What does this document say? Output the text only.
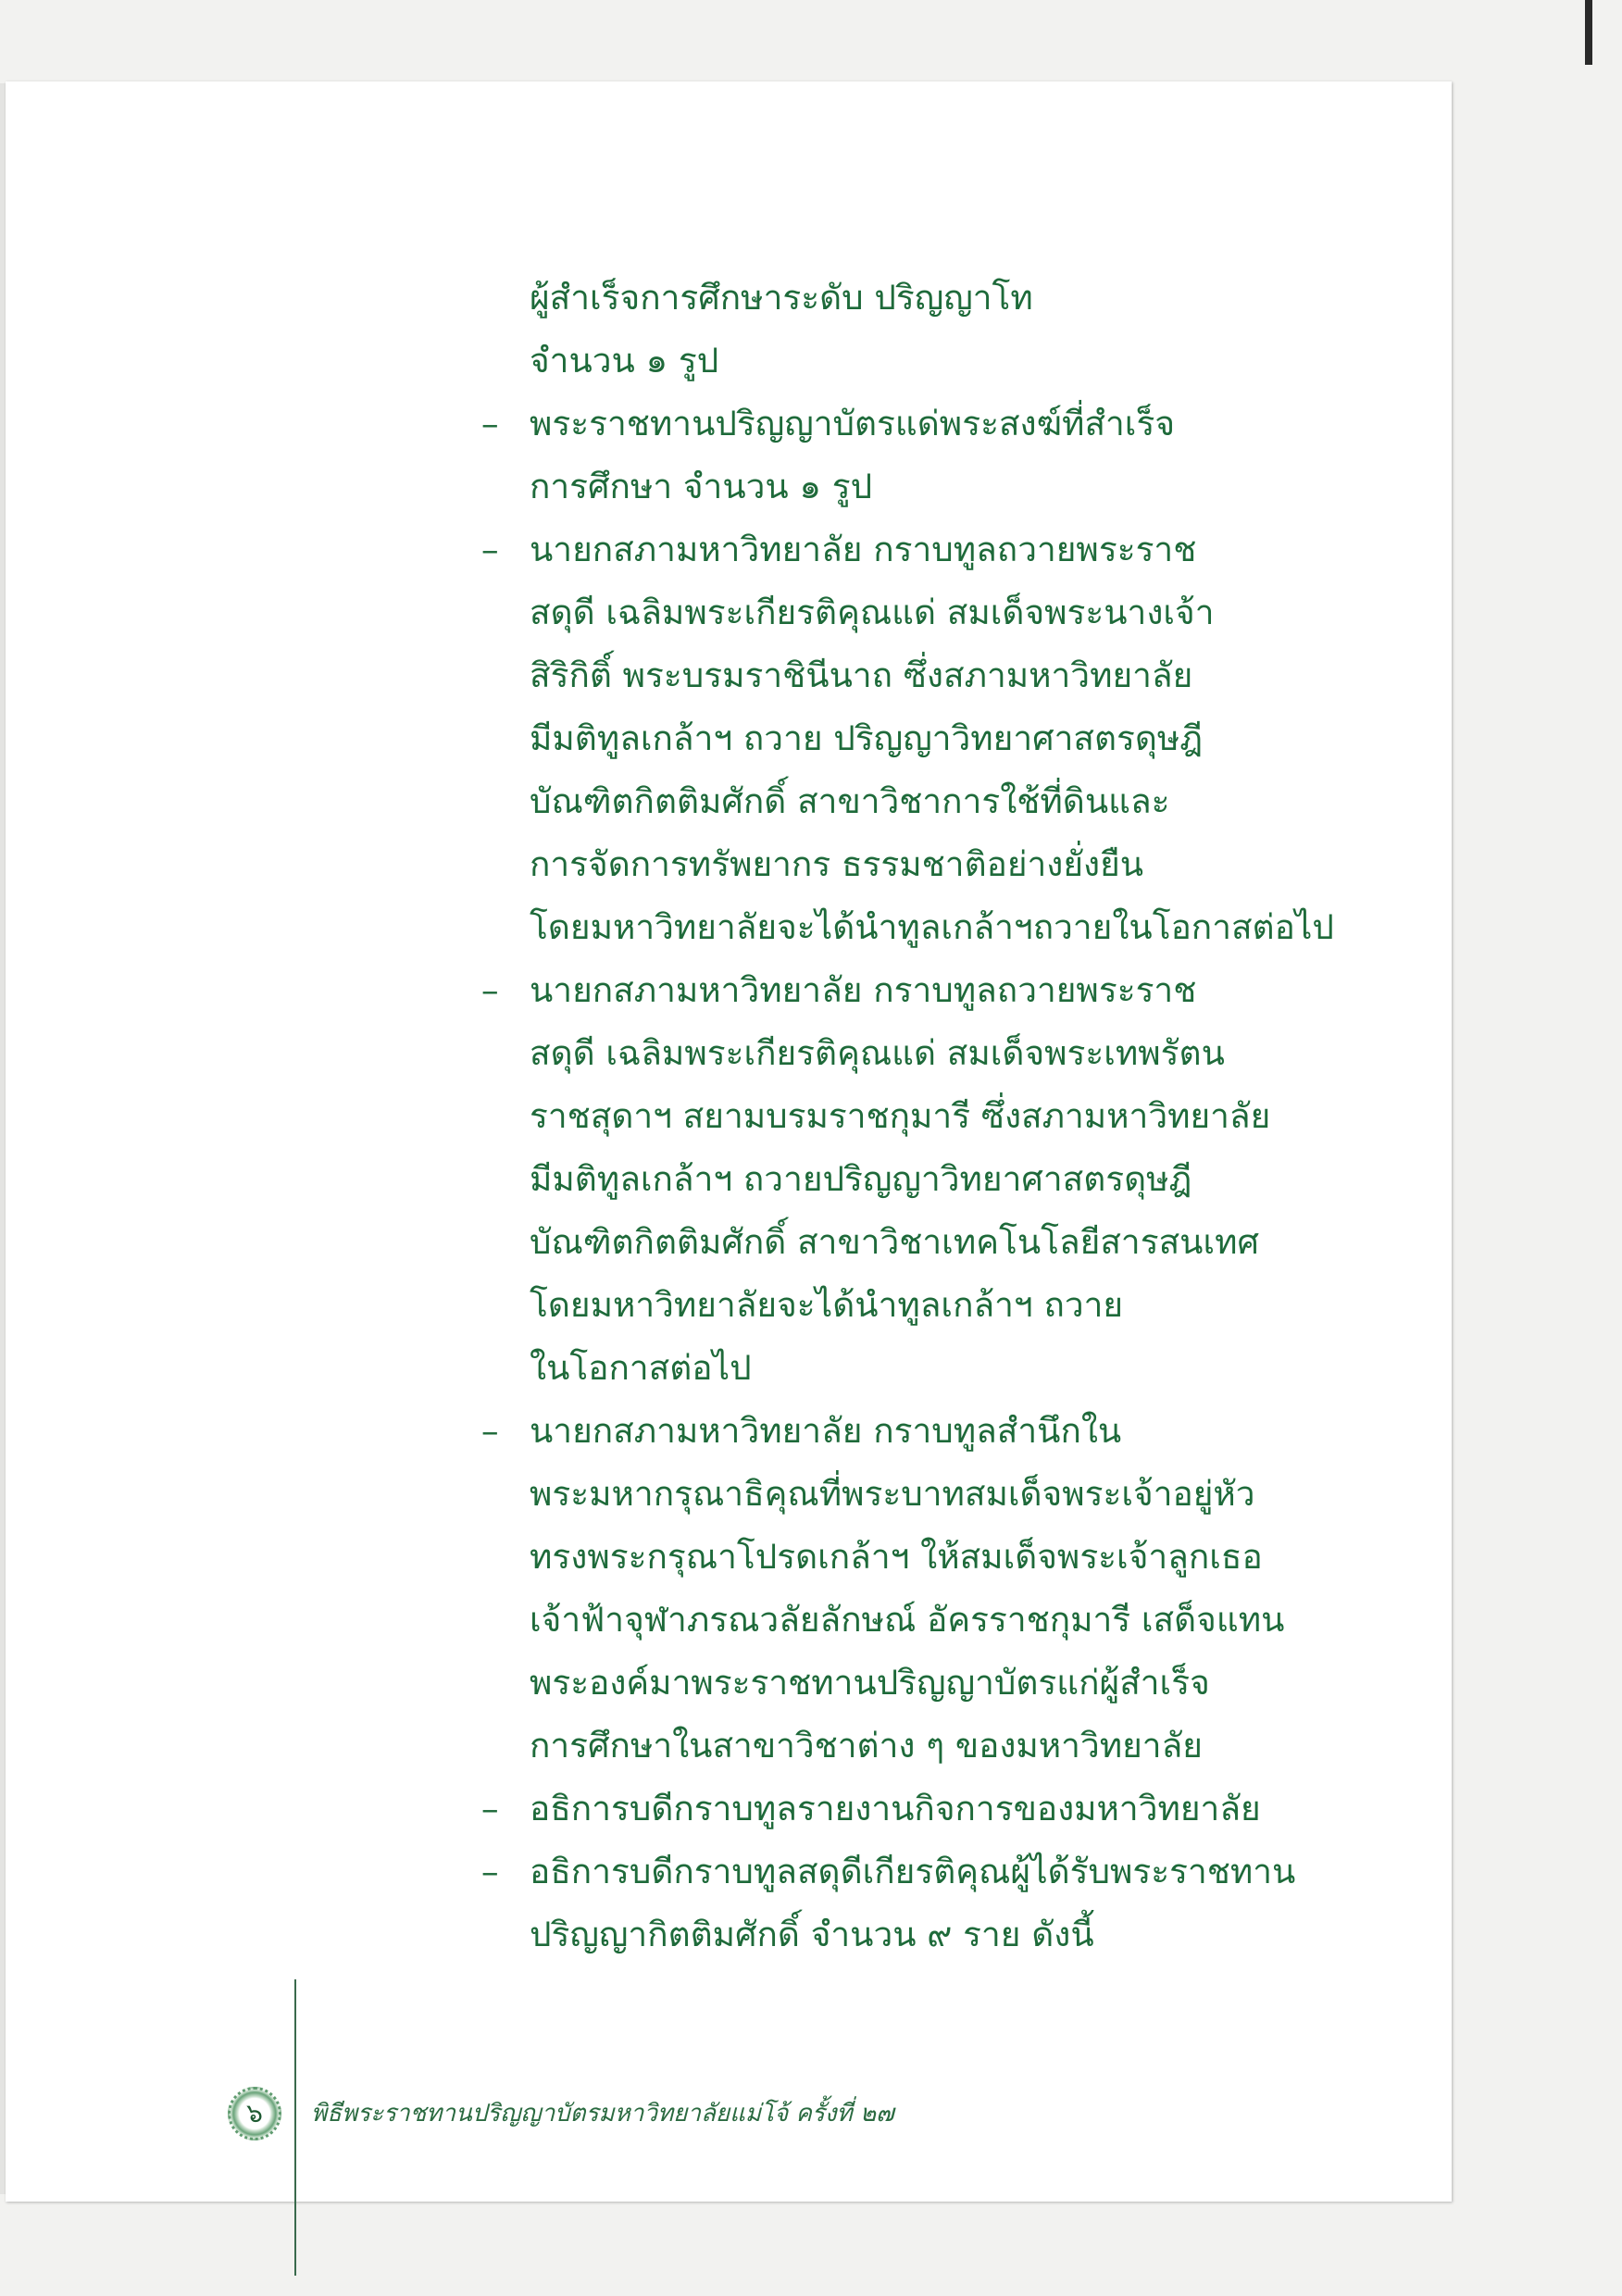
ผู้สำเร็จการศึกษาระดับ ปริญญาโท
จำนวน ๑ รูป
– พระราชทานปริญญาบัตรแด่พระสงฆ์ที่สำเร็จ
การศึกษา จำนวน ๑ รูป
– นายกสภามหาวิทยาลัย กราบทูลถวายพระราช
สดุดี เฉลิมพระเกียรติคุณแด่ สมเด็จพระนางเจ้า
สิริกิติ์ พระบรมราชินีนาถ ซึ่งสภามหาวิทยาลัย
มีมติทูลเกล้าฯ ถวาย ปริญญาวิทยาศาสตรดุษฎี
บัณฑิตกิตติมศักดิ์ สาขาวิชาการใช้ที่ดินและ
การจัดการทรัพยากร ธรรมชาติอย่างยั่งยืน
โดยมหาวิทยาลัยจะได้นำทูลเกล้าฯถวายในโอกาสต่อไป
– นายกสภามหาวิทยาลัย กราบทูลถวายพระราช
สดุดี เฉลิมพระเกียรติคุณแด่ สมเด็จพระเทพรัตน
ราชสุดาฯ สยามบรมราชกุมารี ซึ่งสภามหาวิทยาลัย
มีมติทูลเกล้าฯ ถวายปริญญาวิทยาศาสตรดุษฎี
บัณฑิตกิตติมศักดิ์ สาขาวิชาเทคโนโลยีสารสนเทศ
โดยมหาวิทยาลัยจะได้นำทูลเกล้าฯ ถวาย
ในโอกาสต่อไป
– นายกสภามหาวิทยาลัย กราบทูลสำนึกใน
พระมหากรุณาธิคุณที่พระบาทสมเด็จพระเจ้าอยู่หัว
ทรงพระกรุณาโปรดเกล้าฯ ให้สมเด็จพระเจ้าลูกเธอ
เจ้าฟ้าจุฬาภรณวลัยลักษณ์ อัครราชกุมารี เสด็จแทน
พระองค์มาพระราชทานปริญญาบัตรแก่ผู้สำเร็จ
การศึกษาในสาขาวิชาต่าง ๆ ของมหาวิทยาลัย
– อธิการบดีกราบทูลรายงานกิจการของมหาวิทยาลัย
– อธิการบดีกราบทูลสดุดีเกียรติคุณผู้ได้รับพระราชทาน
ปริญญากิตติมศักดิ์ จำนวน ๙ ราย ดังนี้
๖ พิธีพระราชทานปริญญาบัตรมหาวิทยาลัยแม่โจ้ ครั้งที่ ๒๗
